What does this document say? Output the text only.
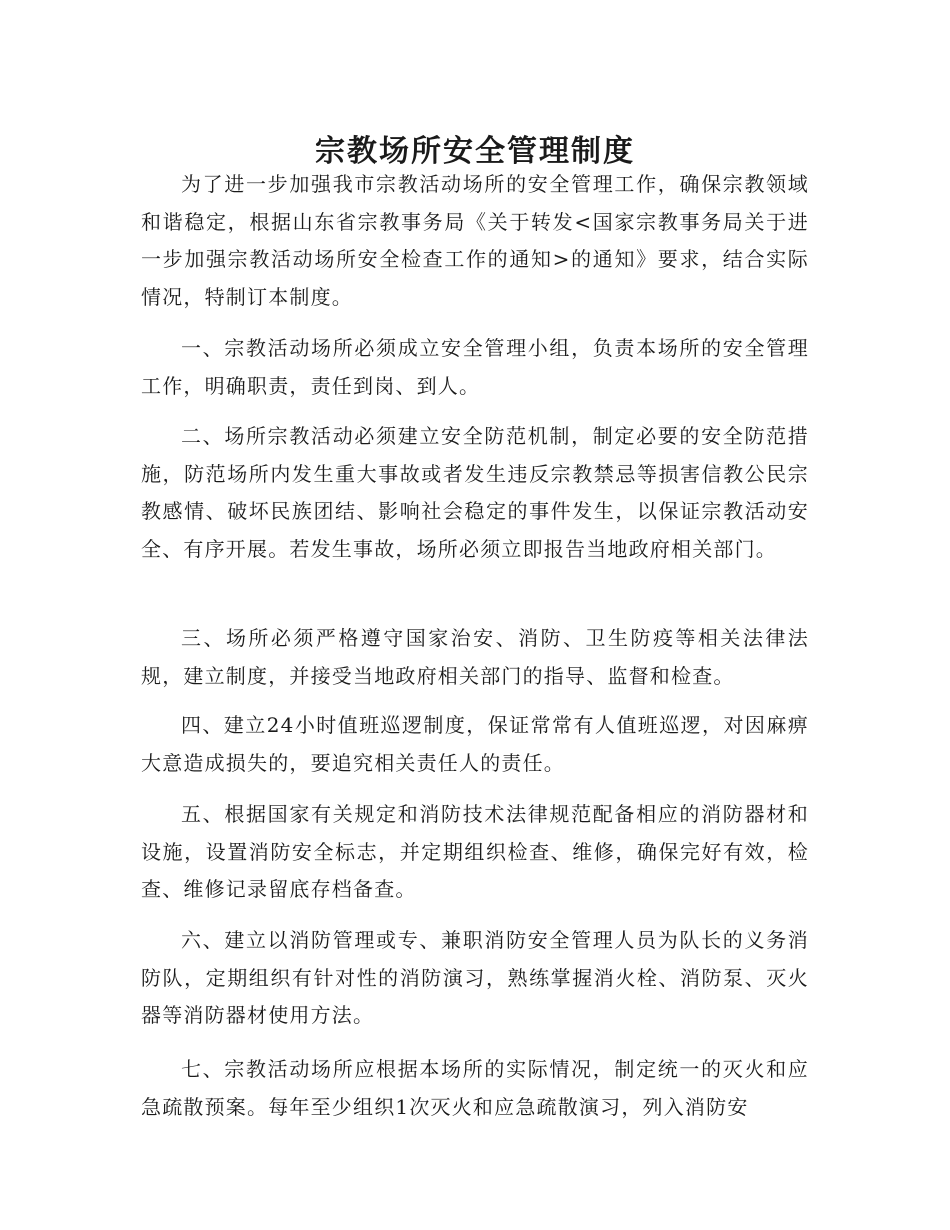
宗教场所安全管理制度

为了进一步加强我市宗教活动场所的安全管理工作，确保宗教领域和谐稳定，根据山东省宗教事务局《关于转发<国家宗教事务局关于进一步加强宗教活动场所安全检查工作的通知>的通知》要求，结合实际情况，特制订本制度。

一、宗教活动场所必须成立安全管理小组，负责本场所的安全管理工作，明确职责，责任到岗、到人。

二、场所宗教活动必须建立安全防范机制，制定必要的安全防范措施，防范场所内发生重大事故或者发生违反宗教禁忌等损害信教公民宗教感情、破坏民族团结、影响社会稳定的事件发生，以保证宗教活动安全、有序开展。若发生事故，场所必须立即报告当地政府相关部门。

三、场所必须严格遵守国家治安、消防、卫生防疫等相关法律法规，建立制度，并接受当地政府相关部门的指导、监督和检查。

四、建立24小时值班巡逻制度，保证常常有人值班巡逻，对因麻痹大意造成损失的，要追究相关责任人的责任。

五、根据国家有关规定和消防技术法律规范配备相应的消防器材和设施，设置消防安全标志，并定期组织检查、维修，确保完好有效，检查、维修记录留底存档备查。

六、建立以消防管理或专、兼职消防安全管理人员为队长的义务消防队，定期组织有针对性的消防演习，熟练掌握消火栓、消防泵、灭火器等消防器材使用方法。

七、宗教活动场所应根据本场所的实际情况，制定统一的灭火和应急疏散预案。每年至少组织1次灭火和应急疏散演习，列入消防安
